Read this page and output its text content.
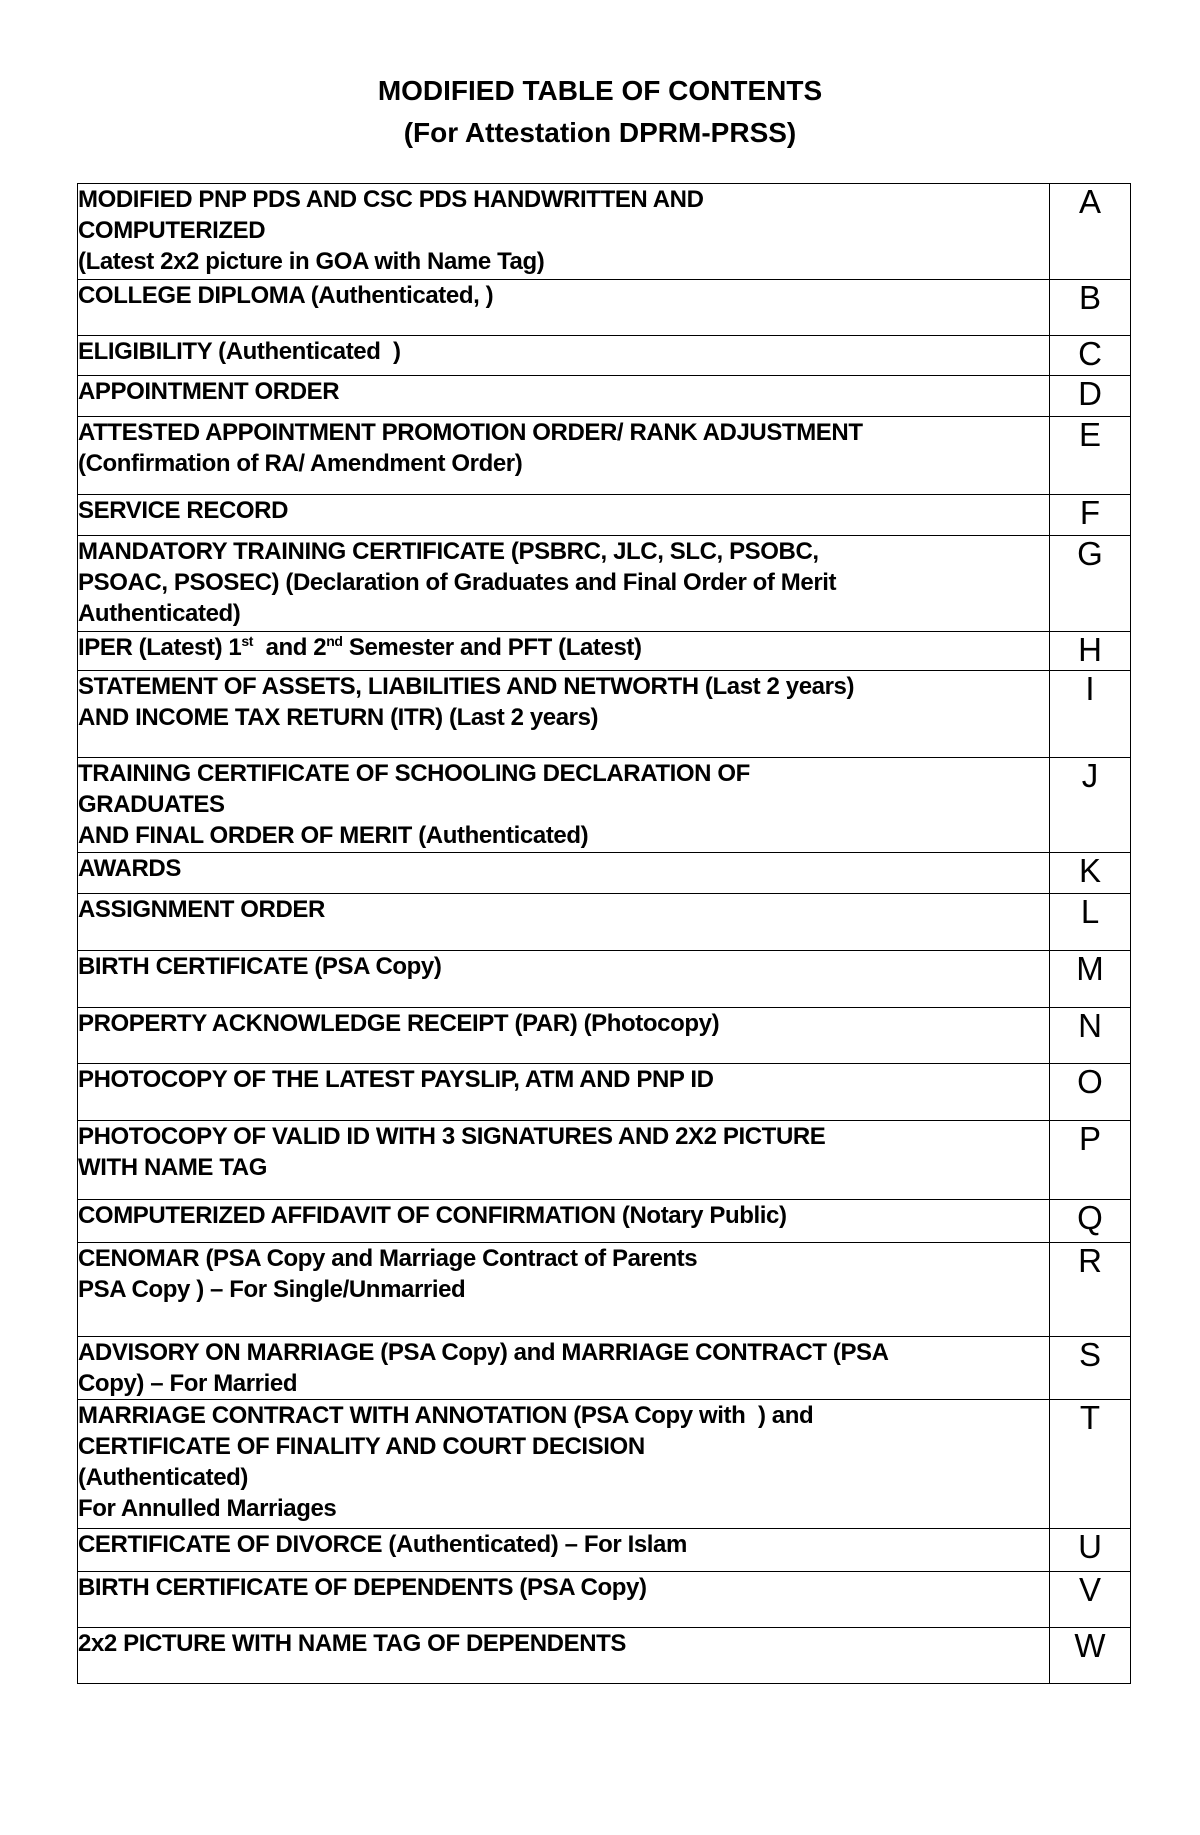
MODIFIED TABLE OF CONTENTS

(For Attestation DPRM-PRSS)

MODIFIED PNP PDS AND CSC PDS HANDWRITTEN AND
COMPUTERIZED
(Latest 2x2 picture in GOA with Name Tag)	A

COLLEGE DIPLOMA (Authenticated, )	B

ELIGIBILITY (Authenticated  )	C

APPOINTMENT ORDER	D

ATTESTED APPOINTMENT PROMOTION ORDER/ RANK ADJUSTMENT
(Confirmation of RA/ Amendment Order)	E

SERVICE RECORD	F

MANDATORY TRAINING CERTIFICATE (PSBRC, JLC, SLC, PSOBC,
PSOAC, PSOSEC) (Declaration of Graduates and Final Order of Merit
Authenticated)	G

IPER (Latest) 1st  and 2nd Semester and PFT (Latest)	H

STATEMENT OF ASSETS, LIABILITIES AND NETWORTH (Last 2 years)
AND INCOME TAX RETURN (ITR) (Last 2 years)	I

TRAINING CERTIFICATE OF SCHOOLING DECLARATION OF
GRADUATES
AND FINAL ORDER OF MERIT (Authenticated)	J

AWARDS	K

ASSIGNMENT ORDER	L

BIRTH CERTIFICATE (PSA Copy)	M

PROPERTY ACKNOWLEDGE RECEIPT (PAR) (Photocopy)	N

PHOTOCOPY OF THE LATEST PAYSLIP, ATM AND PNP ID	O

PHOTOCOPY OF VALID ID WITH 3 SIGNATURES AND 2X2 PICTURE
WITH NAME TAG	P

COMPUTERIZED AFFIDAVIT OF CONFIRMATION (Notary Public)	Q

CENOMAR (PSA Copy and Marriage Contract of Parents
PSA Copy ) – For Single/Unmarried	R

ADVISORY ON MARRIAGE (PSA Copy) and MARRIAGE CONTRACT (PSA
Copy) – For Married	S

MARRIAGE CONTRACT WITH ANNOTATION (PSA Copy with  ) and
CERTIFICATE OF FINALITY AND COURT DECISION
(Authenticated)
For Annulled Marriages	T

CERTIFICATE OF DIVORCE (Authenticated) – For Islam	U

BIRTH CERTIFICATE OF DEPENDENTS (PSA Copy)	V

2x2 PICTURE WITH NAME TAG OF DEPENDENTS	W
